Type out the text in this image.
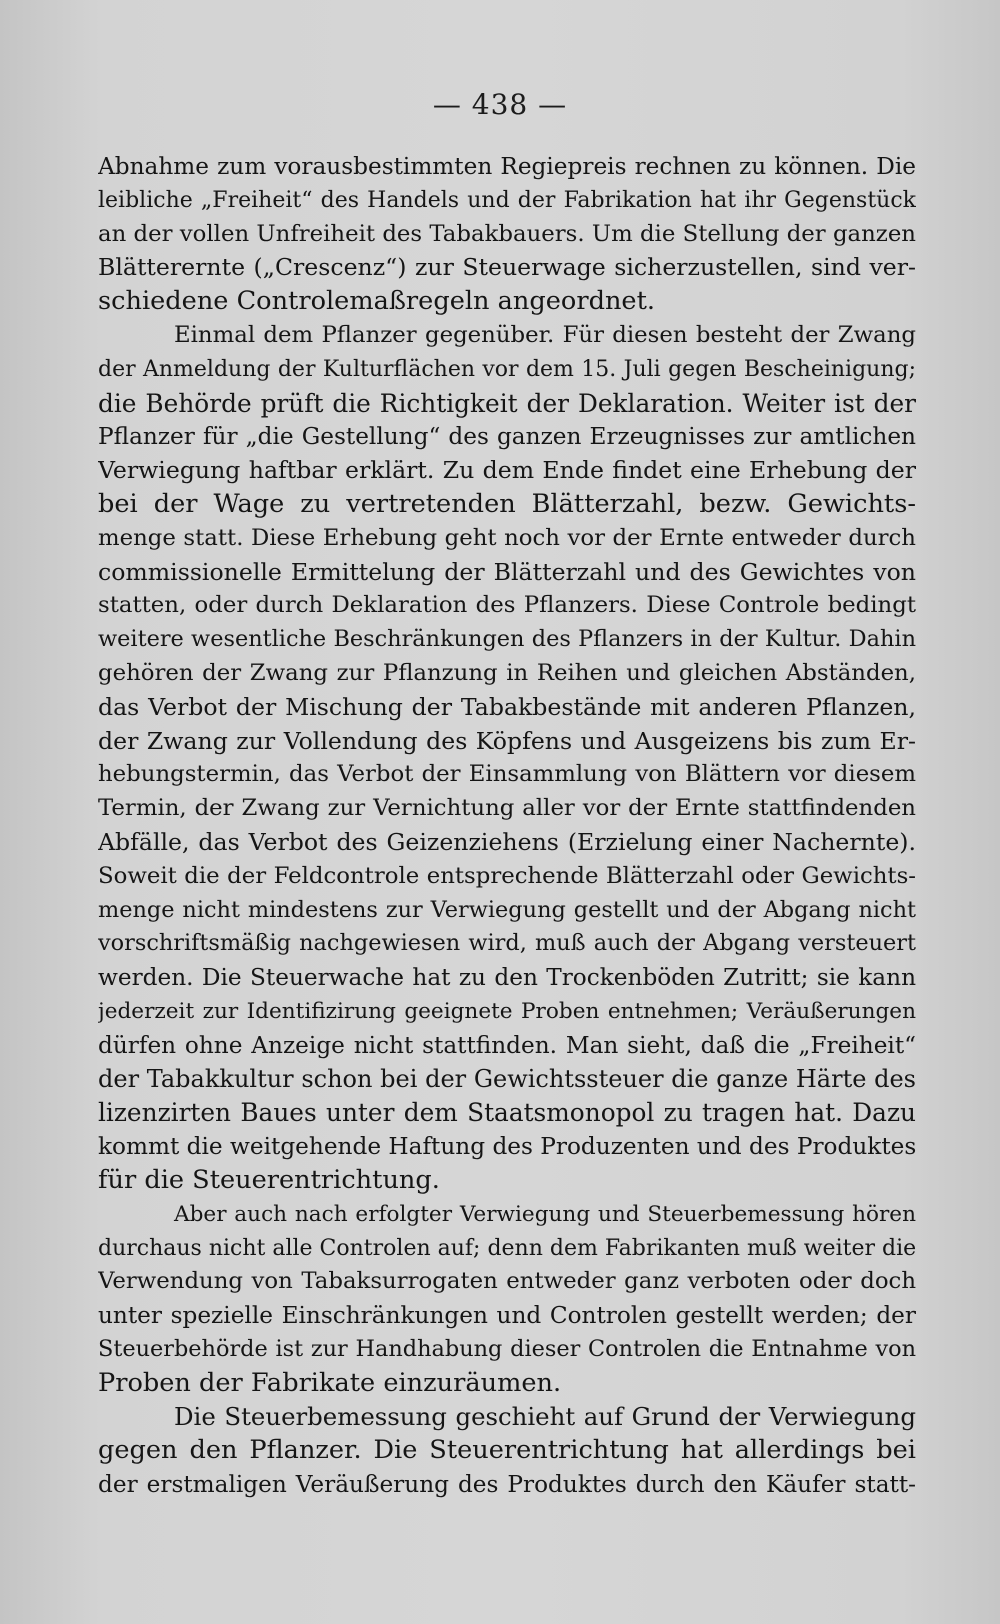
— 438 —

Abnahme zum vorausbestimmten Regiepreis rechnen zu können. Die

leibliche „Freiheit“ des Handels und der Fabrikation hat ihr Gegenstück

an der vollen Unfreiheit des Tabakbauers. Um die Stellung der ganzen

Blätterernte („Crescenz“) zur Steuerwage sicherzustellen, sind ver-

schiedene Controlemaßregeln angeordnet.

Einmal dem Pflanzer gegenüber. Für diesen besteht der Zwang

der Anmeldung der Kulturflächen vor dem 15. Juli gegen Bescheinigung;

die Behörde prüft die Richtigkeit der Deklaration. Weiter ist der

Pflanzer für „die Gestellung“ des ganzen Erzeugnisses zur amtlichen

Verwiegung haftbar erklärt. Zu dem Ende findet eine Erhebung der

bei der Wage zu vertretenden Blätterzahl, bezw. Gewichts-

menge statt. Diese Erhebung geht noch vor der Ernte entweder durch

commissionelle Ermittelung der Blätterzahl und des Gewichtes von

statten, oder durch Deklaration des Pflanzers. Diese Controle bedingt

weitere wesentliche Beschränkungen des Pflanzers in der Kultur. Dahin

gehören der Zwang zur Pflanzung in Reihen und gleichen Abständen,

das Verbot der Mischung der Tabakbestände mit anderen Pflanzen,

der Zwang zur Vollendung des Köpfens und Ausgeizens bis zum Er-

hebungstermin, das Verbot der Einsammlung von Blättern vor diesem

Termin, der Zwang zur Vernichtung aller vor der Ernte stattfindenden

Abfälle, das Verbot des Geizenziehens (Erzielung einer Nachernte).

Soweit die der Feldcontrole entsprechende Blätterzahl oder Gewichts-

menge nicht mindestens zur Verwiegung gestellt und der Abgang nicht

vorschriftsmäßig nachgewiesen wird, muß auch der Abgang versteuert

werden. Die Steuerwache hat zu den Trockenböden Zutritt; sie kann

jederzeit zur Identifizirung geeignete Proben entnehmen; Veräußerungen

dürfen ohne Anzeige nicht stattfinden. Man sieht, daß die „Freiheit“

der Tabakkultur schon bei der Gewichtssteuer die ganze Härte des

lizenzirten Baues unter dem Staatsmonopol zu tragen hat. Dazu

kommt die weitgehende Haftung des Produzenten und des Produktes

für die Steuerentrichtung.

Aber auch nach erfolgter Verwiegung und Steuerbemessung hören

durchaus nicht alle Controlen auf; denn dem Fabrikanten muß weiter die

Verwendung von Tabaksurrogaten entweder ganz verboten oder doch

unter spezielle Einschränkungen und Controlen gestellt werden; der

Steuerbehörde ist zur Handhabung dieser Controlen die Entnahme von

Proben der Fabrikate einzuräumen.

Die Steuerbemessung geschieht auf Grund der Verwiegung

gegen den Pflanzer. Die Steuerentrichtung hat allerdings bei

der erstmaligen Veräußerung des Produktes durch den Käufer statt-
